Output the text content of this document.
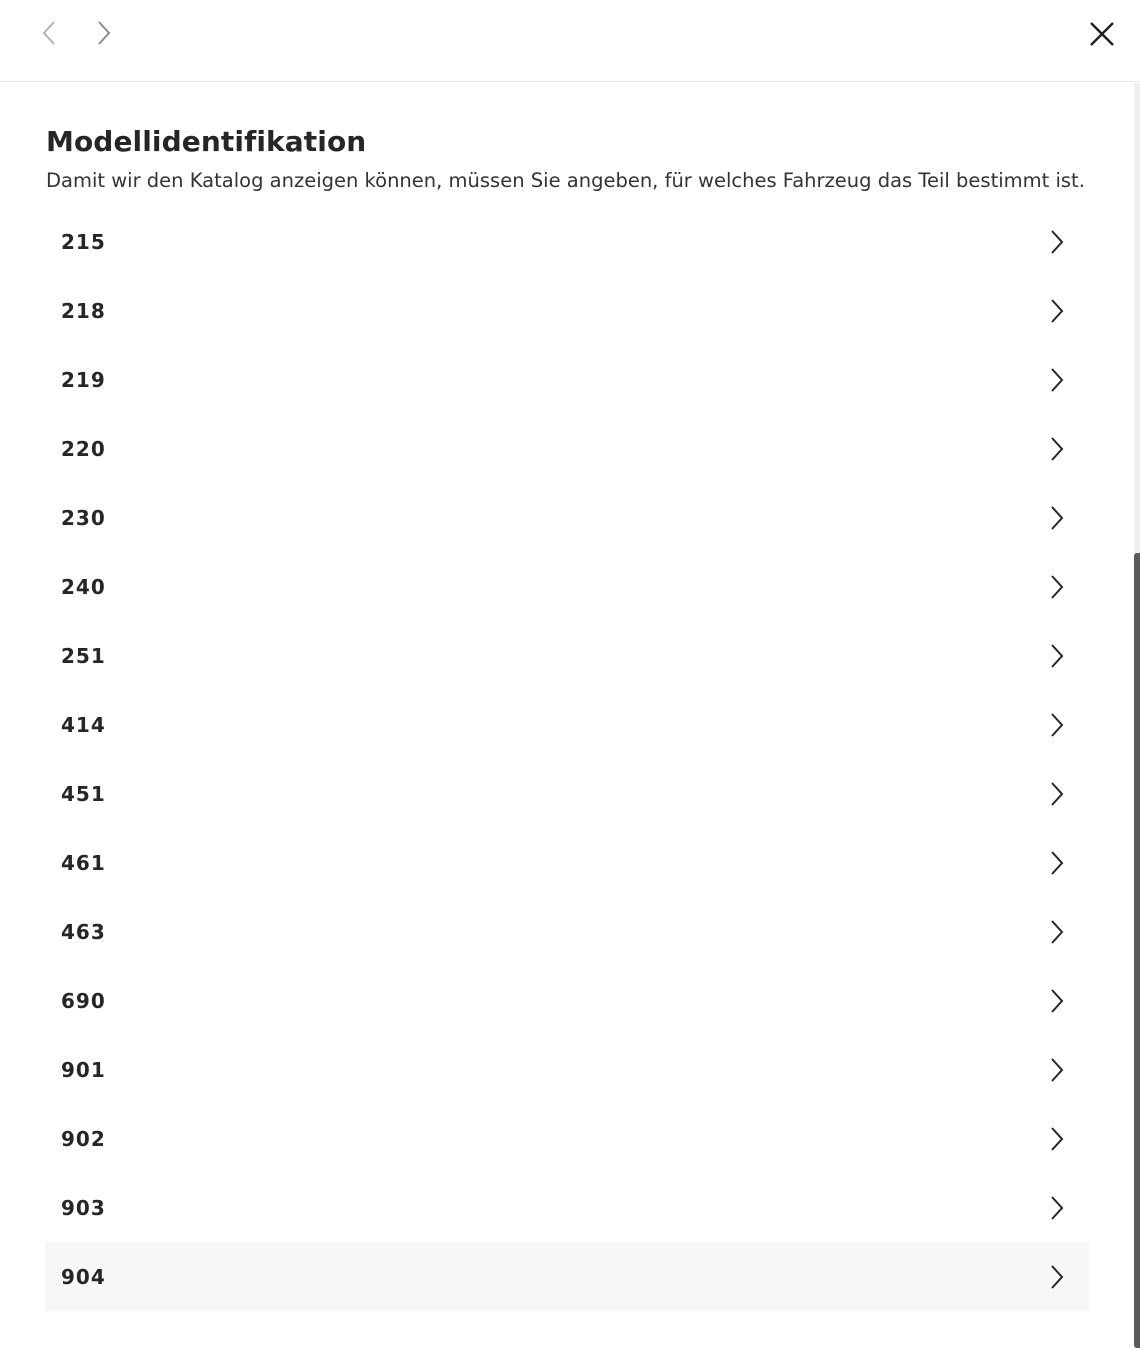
Modellidentifikation

Damit wir den Katalog anzeigen können, müssen Sie angeben, für welches Fahrzeug das Teil bestimmt ist.

215
218
219
220
230
240
251
414
451
461
463
690
901
902
903
904
